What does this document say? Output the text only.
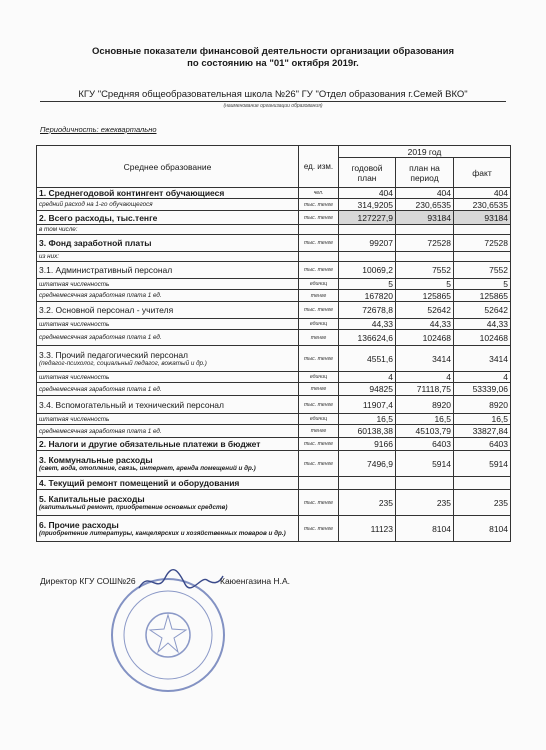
Основные показатели финансовой деятельности организации образования
по состоянию на "01" октября 2019г.
КГУ "Средняя общеобразовательная школа №26" ГУ "Отдел образования г.Семей ВКО"
(наименование организации образования)
Периодичность: ежеквартально
Среднее образование	ед. изм.	2019 год		
		годовой план	план на период	факт
1. Среднегодовой контингент обучающиеся	чел.	404	404	404
средний расход на 1-го обучающегося	тыс. тенге	314,9205	230,6535	230,6535
2. Всего расходы, тыс.тенге	тыс. тенге	127227,9	93184	93184
в том числе:				
3. Фонд заработной платы	тыс. тенге	99207	72528	72528
из них:				
3.1. Административный персонал	тыс. тенге	10069,2	7552	7552
штатная численность	единиц	5	5	5
среднемесячная заработная плата 1 ед.	тенге	167820	125865	125865
3.2. Основной персонал - учителя	тыс. тенге	72678,8	52642	52642
штатная численность	единиц	44,33	44,33	44,33
среднемесячная заработная плата 1 ед.	тенге	136624,6	102468	102468
3.3. Прочий педагогический персонал
(педагог-психолог, социальный педагог, вожатый и др.)	тыс. тенге	4551,6	3414	3414
штатная численность	единиц	4	4	4
среднемесячная заработная плата 1 ед.	тенге	94825	71118,75	53339,06
3.4. Вспомогательный и технический персонал	тыс. тенге	11907,4	8920	8920
штатная численность	единиц	16,5	16,5	16,5
среднемесячная заработная плата 1 ед.	тенге	60138,38	45103,79	33827,84
2. Налоги и другие обязательные платежи в бюджет	тыс. тенге	9166	6403	6403
3. Коммунальные расходы
(свет, вода, отопление, связь, интернет, аренда помещений и др.)	тыс. тенге	7496,9	5914	5914
4. Текущий ремонт помещений и оборудования				
5. Капитальные расходы
(капитальный ремонт, приобретение основных средств)	тыс. тенге	235	235	235
6. Прочие расходы
(приобретение литературы, канцелярских и хозяйственных товаров и др.)	тыс. тенге	11123	8104	8104
Директор КГУ СОШ№26	Каюенгазина Н.А.
